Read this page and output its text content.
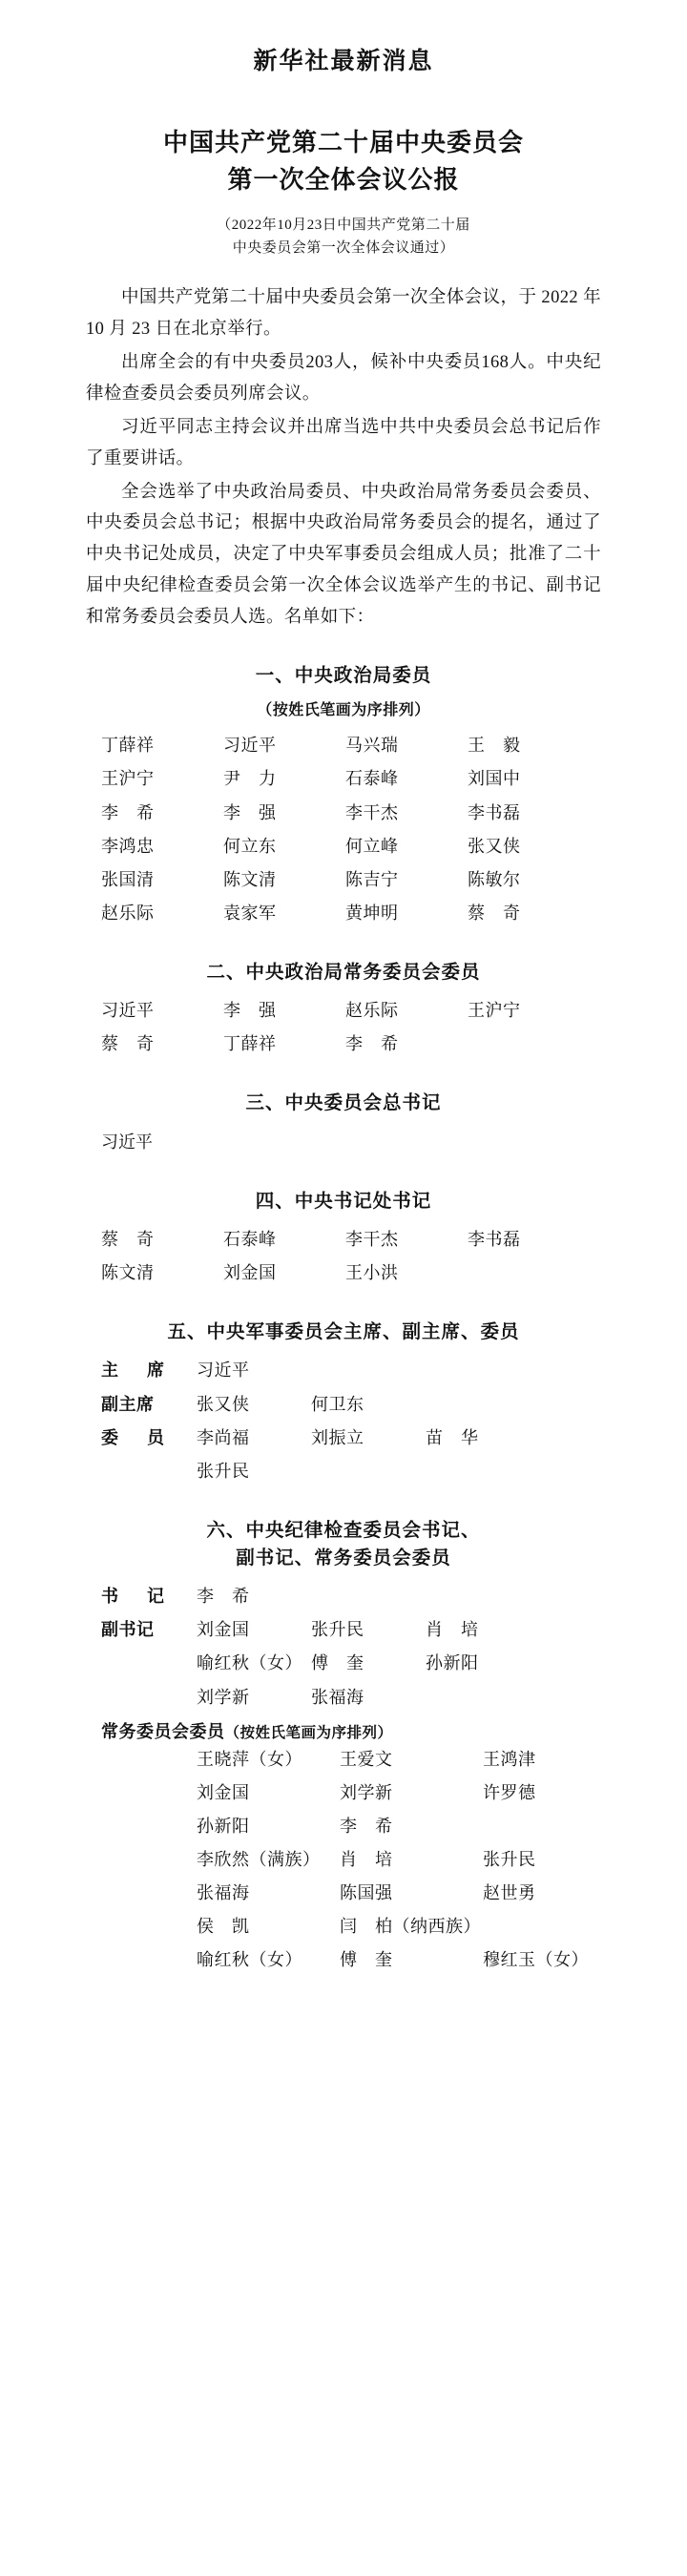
新华社最新消息
中国共产党第二十届中央委员会
第一次全体会议公报
（2022年10月23日中国共产党第二十届
中央委员会第一次全体会议通过）

中国共产党第二十届中央委员会第一次全体会议，于 2022 年 10 月 23 日在北京举行。

出席全会的有中央委员203人，候补中央委员168人。中央纪律检查委员会委员列席会议。

习近平同志主持会议并出席当选中共中央委员会总书记后作了重要讲话。

全会选举了中央政治局委员、中央政治局常务委员会委员、中央委员会总书记；根据中央政治局常务委员会的提名，通过了中央书记处成员，决定了中央军事委员会组成人员；批准了二十届中央纪律检查委员会第一次全体会议选举产生的书记、副书记和常务委员会委员人选。名单如下：

一、中央政治局委员
（按姓氏笔画为序排列）
丁薛祥	习近平	马兴瑞	王　毅
王沪宁	尹　力	石泰峰	刘国中
李　希	李　强	李干杰	李书磊
李鸿忠	何立东	何立峰	张又侠
张国清	陈文清	陈吉宁	陈敏尔
赵乐际	袁家军	黄坤明	蔡　奇
二、中央政治局常务委员会委员
习近平	李　强	赵乐际	王沪宁
蔡　奇	丁薛祥	李　希
三、中央委员会总书记
习近平
四、中央书记处书记
蔡　奇	石泰峰	李干杰	李书磊
陈文清	刘金国	王小洪
五、中央军事委员会主席、副主席、委员
主　席	习近平
副主席	张又侠	何卫东
委　员	李尚福	刘振立	苗　华
张升民
六、中央纪律检查委员会书记、
副书记、常务委员会委员
书　记	李　希
副书记	刘金国	张升民	肖　培
喻红秋（女） 傅　奎	孙新阳
刘学新	张福海
常务委员会委员（按姓氏笔画为序排列）
王晓萍（女）	王爱文	王鸿津
刘金国	刘学新	许罗德
孙新阳	李　希
李欣然（满族）	肖　培	张升民
张福海	陈国强	赵世勇
侯　凯	闫　柏（纳西族）
喻红秋（女）	傅　奎	穆红玉（女）
